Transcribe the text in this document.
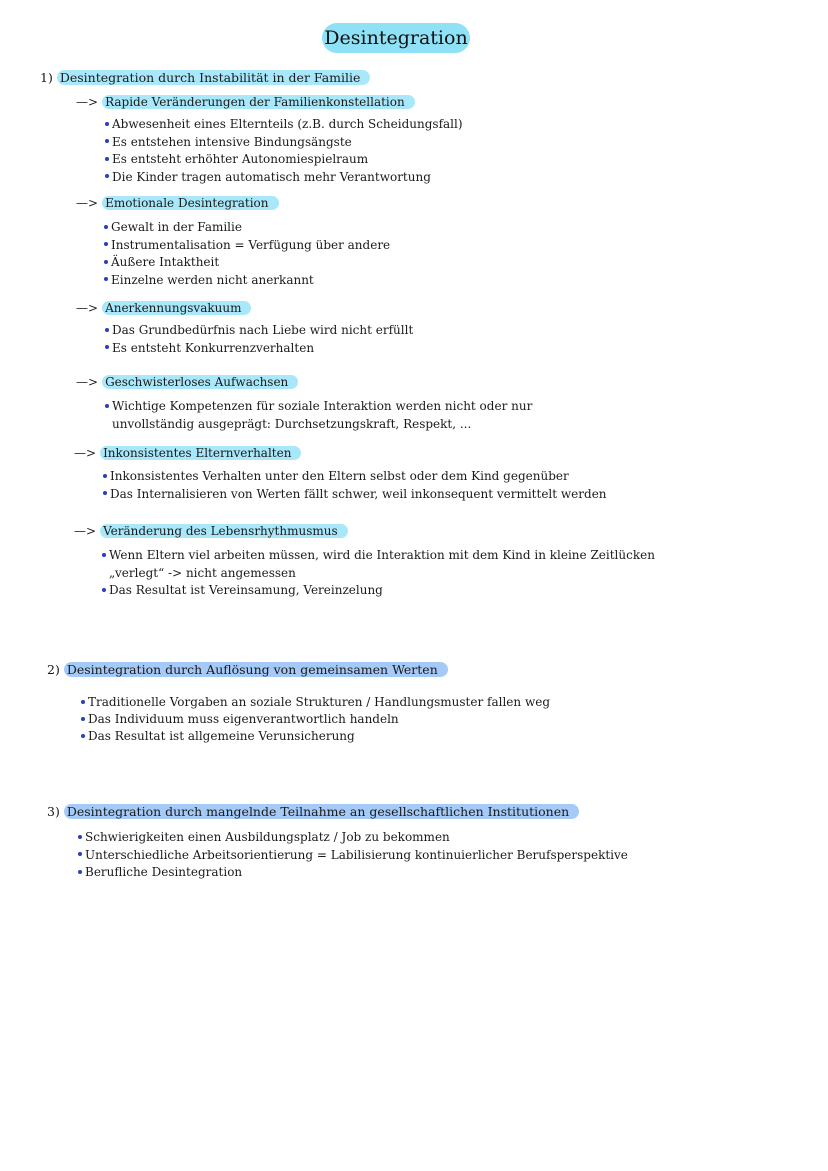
Desintegration
1) Desintegration durch Instabilität in der Familie
—> Rapide Veränderungen der Familienkonstellation
Abwesenheit eines Elternteils (z.B. durch Scheidungsfall)
Es entstehen intensive Bindungsängste
Es entsteht erhöhter Autonomiespielraum
Die Kinder tragen automatisch mehr Verantwortung
—> Emotionale Desintegration
Gewalt in der Familie
Instrumentalisation = Verfügung über andere
Äußere Intaktheit
Einzelne werden nicht anerkannt
—> Anerkennungsvakuum
Das Grundbedürfnis nach Liebe wird nicht erfüllt
Es entsteht Konkurrenzverhalten
—> Geschwisterloses Aufwachsen
Wichtige Kompetenzen für soziale Interaktion werden nicht oder nur
unvollständig ausgeprägt: Durchsetzungskraft, Respekt, ...
—> Inkonsistentes Elternverhalten
Inkonsistentes Verhalten unter den Eltern selbst oder dem Kind gegenüber
Das Internalisieren von Werten fällt schwer, weil inkonsequent vermittelt werden
—> Veränderung des Lebensrhythmusmus
Wenn Eltern viel arbeiten müssen, wird die Interaktion mit dem Kind in kleine Zeitlücken
„verlegt“ -> nicht angemessen
Das Resultat ist Vereinsamung, Vereinzelung
2) Desintegration durch Auflösung von gemeinsamen Werten
Traditionelle Vorgaben an soziale Strukturen / Handlungsmuster fallen weg
Das Individuum muss eigenverantwortlich handeln
Das Resultat ist allgemeine Verunsicherung
3) Desintegration durch mangelnde Teilnahme an gesellschaftlichen Institutionen
Schwierigkeiten einen Ausbildungsplatz / Job zu bekommen
Unterschiedliche Arbeitsorientierung = Labilisierung kontinuierlicher Berufsperspektive
Berufliche Desintegration
